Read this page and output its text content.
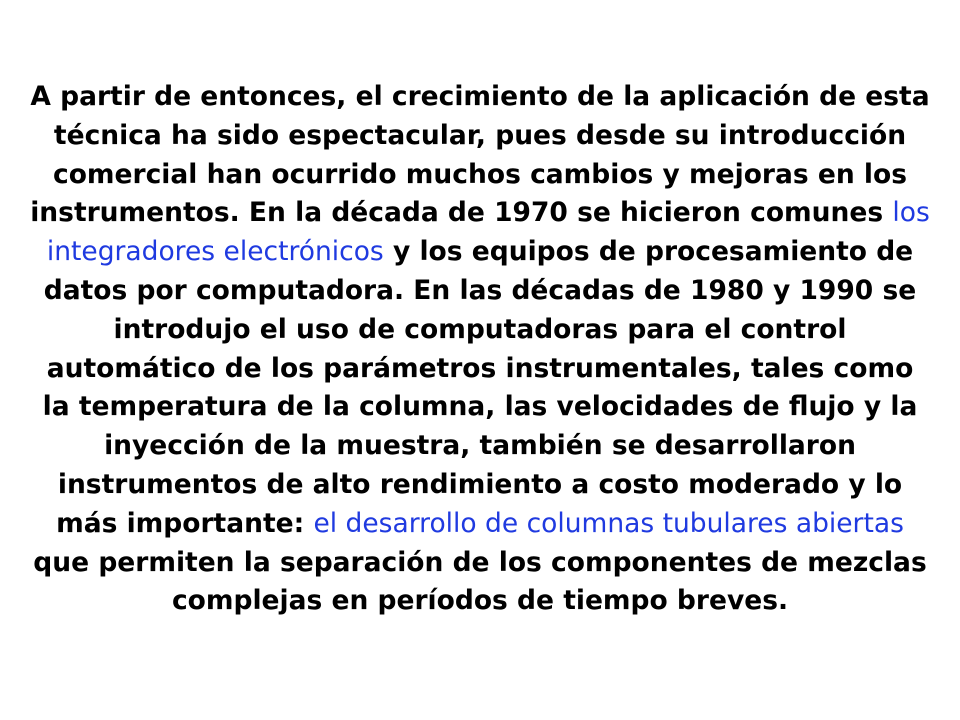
A partir de entonces, el crecimiento de la aplicación de esta técnica ha sido espectacular, pues desde su introducción comercial han ocurrido muchos cambios y mejoras en los instrumentos. En la década de 1970 se hicieron comunes los integradores electrónicos y los equipos de procesamiento de datos por computadora. En las décadas de 1980 y 1990 se introdujo el uso de computadoras para el control automático de los parámetros instrumentales, tales como la temperatura de la columna, las velocidades de flujo y la inyección de la muestra, también se desarrollaron instrumentos de alto rendimiento a costo moderado y lo más importante: el desarrollo de columnas tubulares abiertas que permiten la separación de los componentes de mezclas complejas en períodos de tiempo breves.
